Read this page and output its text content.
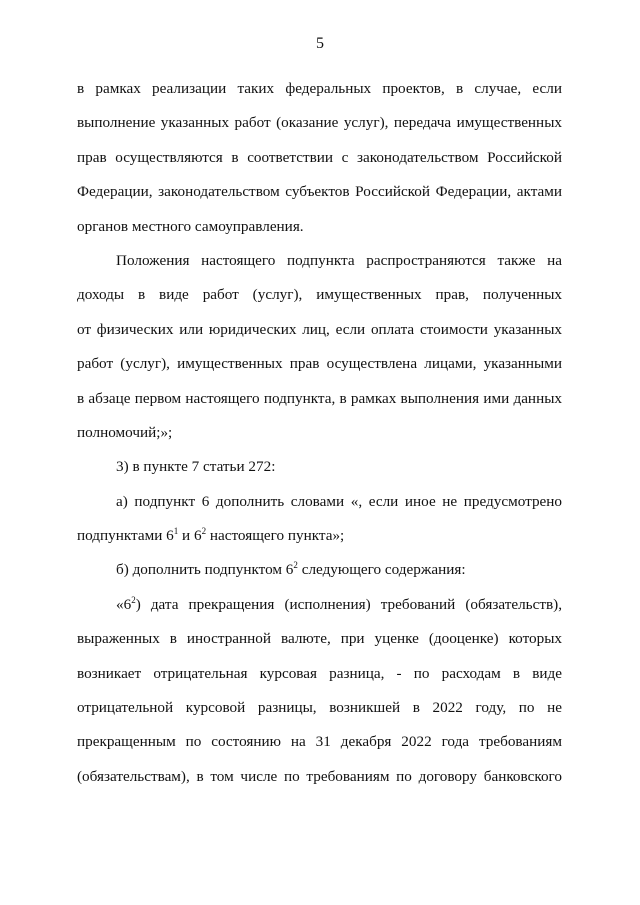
5
в рамках реализации таких федеральных проектов, в случае, если
выполнение указанных работ (оказание услуг), передача имущественных
прав осуществляются в соответствии с законодательством Российской
Федерации, законодательством субъектов Российской Федерации, актами
органов местного самоуправления.
Положения настоящего подпункта распространяются также на
доходы в виде работ (услуг), имущественных прав, полученных
от физических или юридических лиц, если оплата стоимости указанных
работ (услуг), имущественных прав осуществлена лицами, указанными
в абзаце первом настоящего подпункта, в рамках выполнения ими данных
полномочий;»;
3) в пункте 7 статьи 272:
а) подпункт 6 дополнить словами «, если иное не предусмотрено
подпунктами $6^1$ и $6^2$ настоящего пункта»;
б) дополнить подпунктом $6^2$ следующего содержания:
«$6^2$) дата прекращения (исполнения) требований (обязательств),
выраженных в иностранной валюте, при уценке (дооценке) которых
возникает отрицательная курсовая разница, - по расходам в виде
отрицательной курсовой разницы, возникшей в 2022 году, по не
прекращенным по состоянию на 31 декабря 2022 года требованиям
(обязательствам), в том числе по требованиям по договору банковского
